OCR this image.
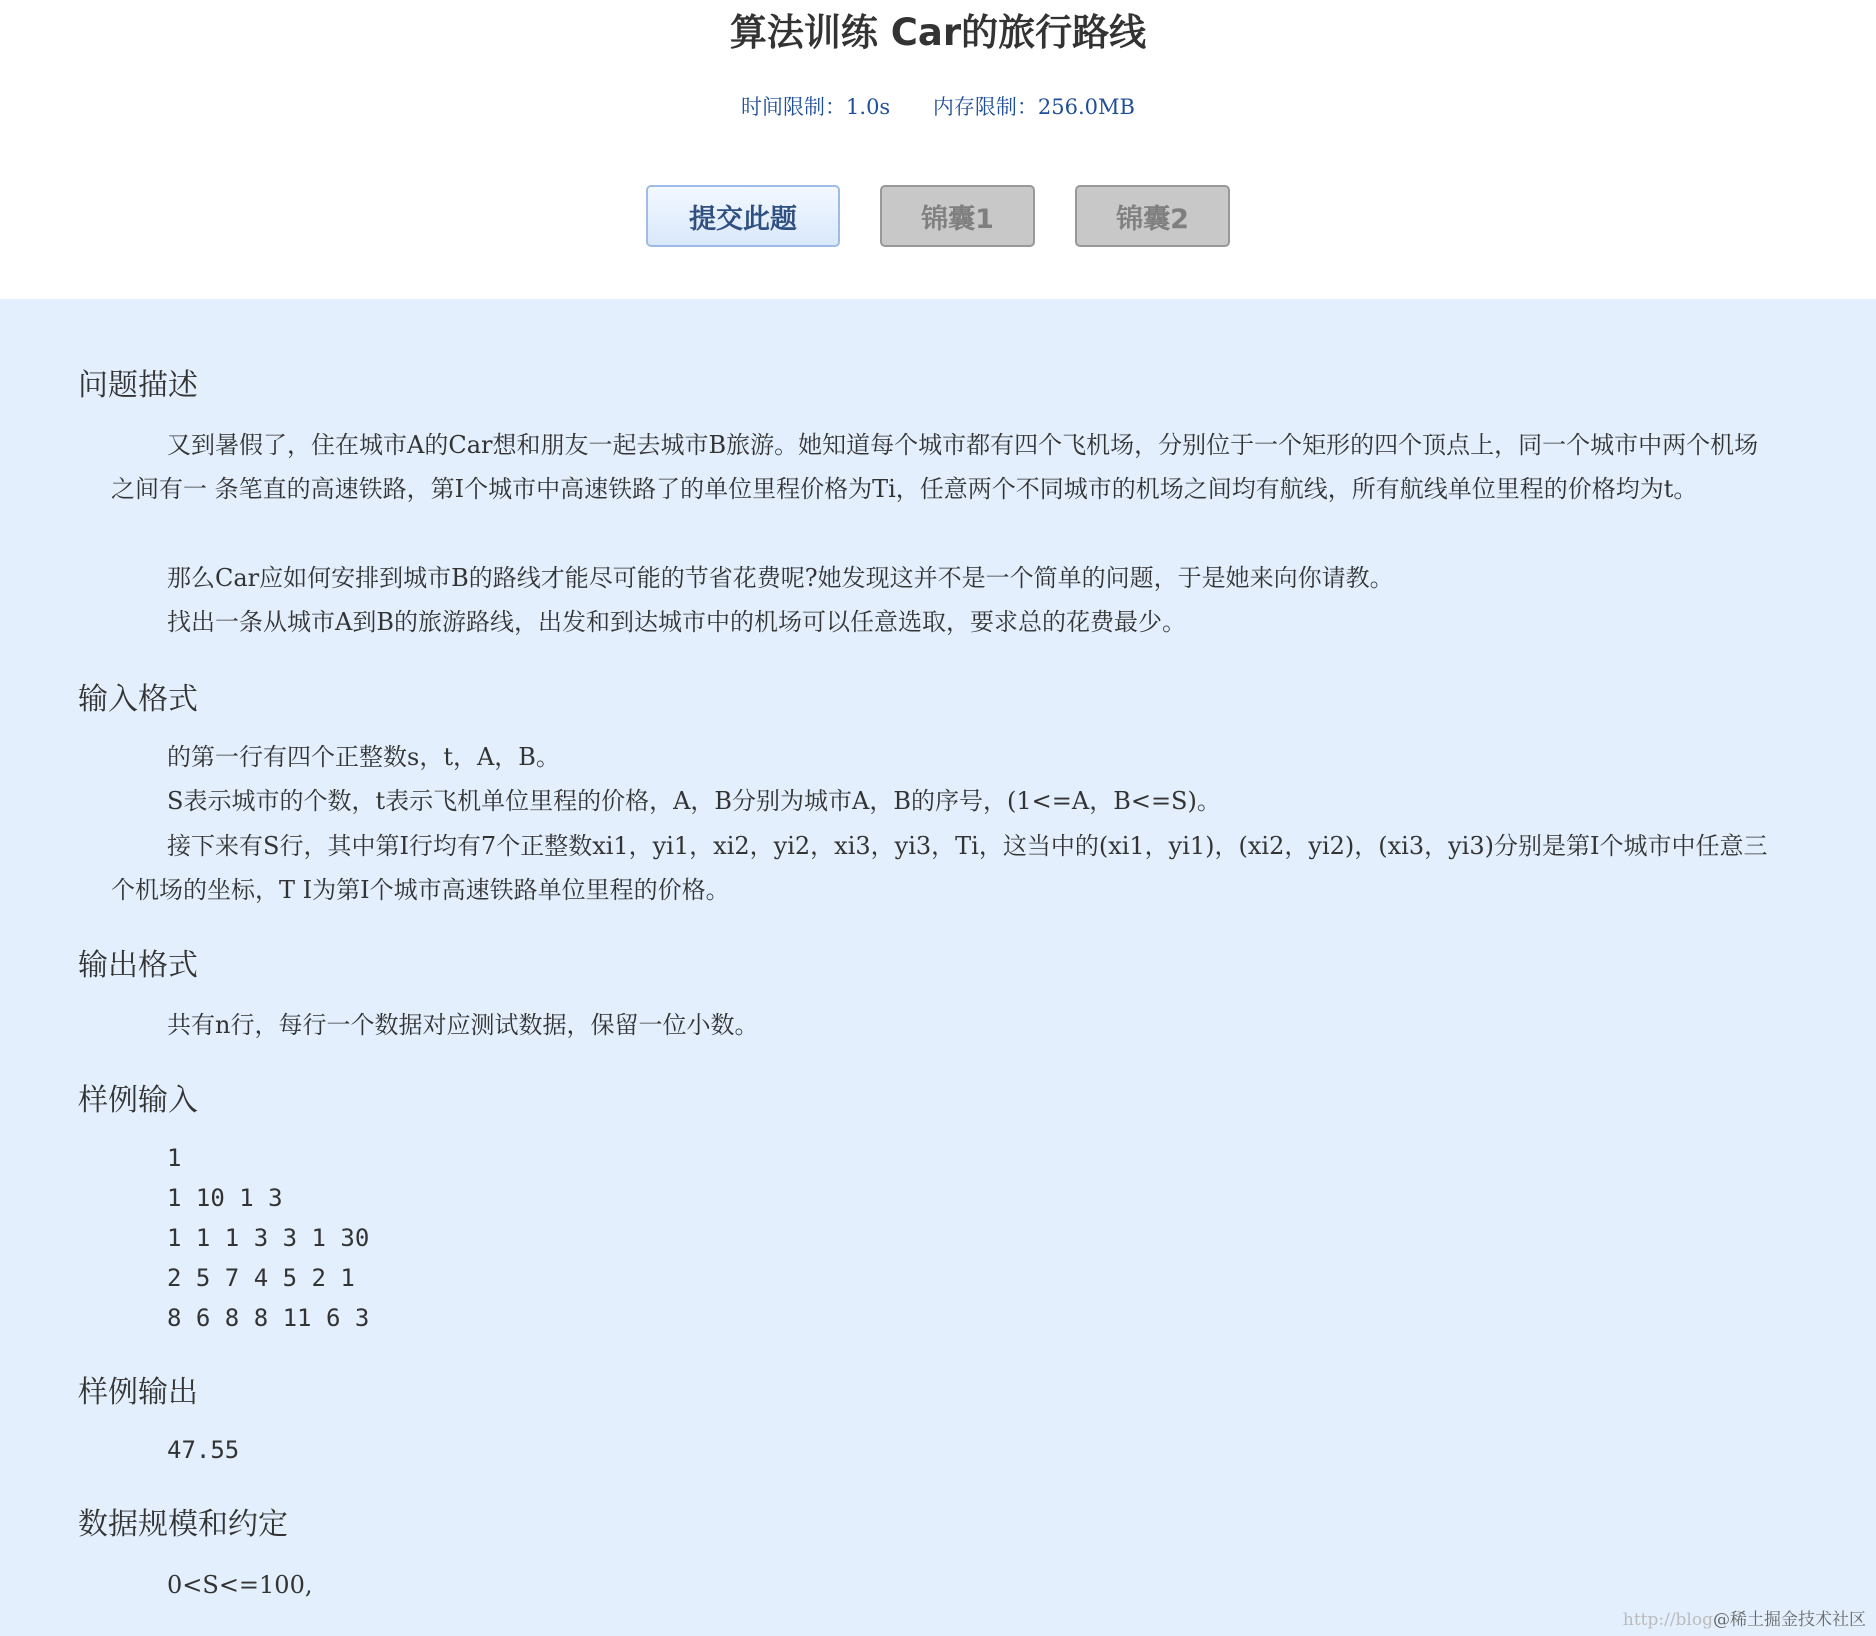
算法训练 Car的旅行路线
时间限制：1.0s 内存限制：256.0MB
提交此题	锦囊1	锦囊2
问题描述
又到暑假了，住在城市A的Car想和朋友一起去城市B旅游。她知道每个城市都有四个飞机场，分别位于一个矩形的四个顶点上，同一个城市中两个机场之间有一 条笔直的高速铁路，第I个城市中高速铁路了的单位里程价格为Ti，任意两个不同城市的机场之间均有航线，所有航线单位里程的价格均为t。
那么Car应如何安排到城市B的路线才能尽可能的节省花费呢?她发现这并不是一个简单的问题，于是她来向你请教。
找出一条从城市A到B的旅游路线，出发和到达城市中的机场可以任意选取，要求总的花费最少。
输入格式
的第一行有四个正整数s，t，A，B。
S表示城市的个数，t表示飞机单位里程的价格，A，B分别为城市A，B的序号，(1<=A，B<=S)。
接下来有S行，其中第I行均有7个正整数xi1，yi1，xi2，yi2，xi3，yi3，Ti，这当中的(xi1，yi1)，(xi2，yi2)，(xi3，yi3)分别是第I个城市中任意三个机场的坐标，T I为第I个城市高速铁路单位里程的价格。
输出格式
共有n行，每行一个数据对应测试数据，保留一位小数。
样例输入
1
1 10 1 3
1 1 1 3 3 1 30
2 5 7 4 5 2 1
8 6 8 8 11 6 3
样例输出
47.55
数据规模和约定
0<S<=100,
http://blog@稀土掘金技术社区
